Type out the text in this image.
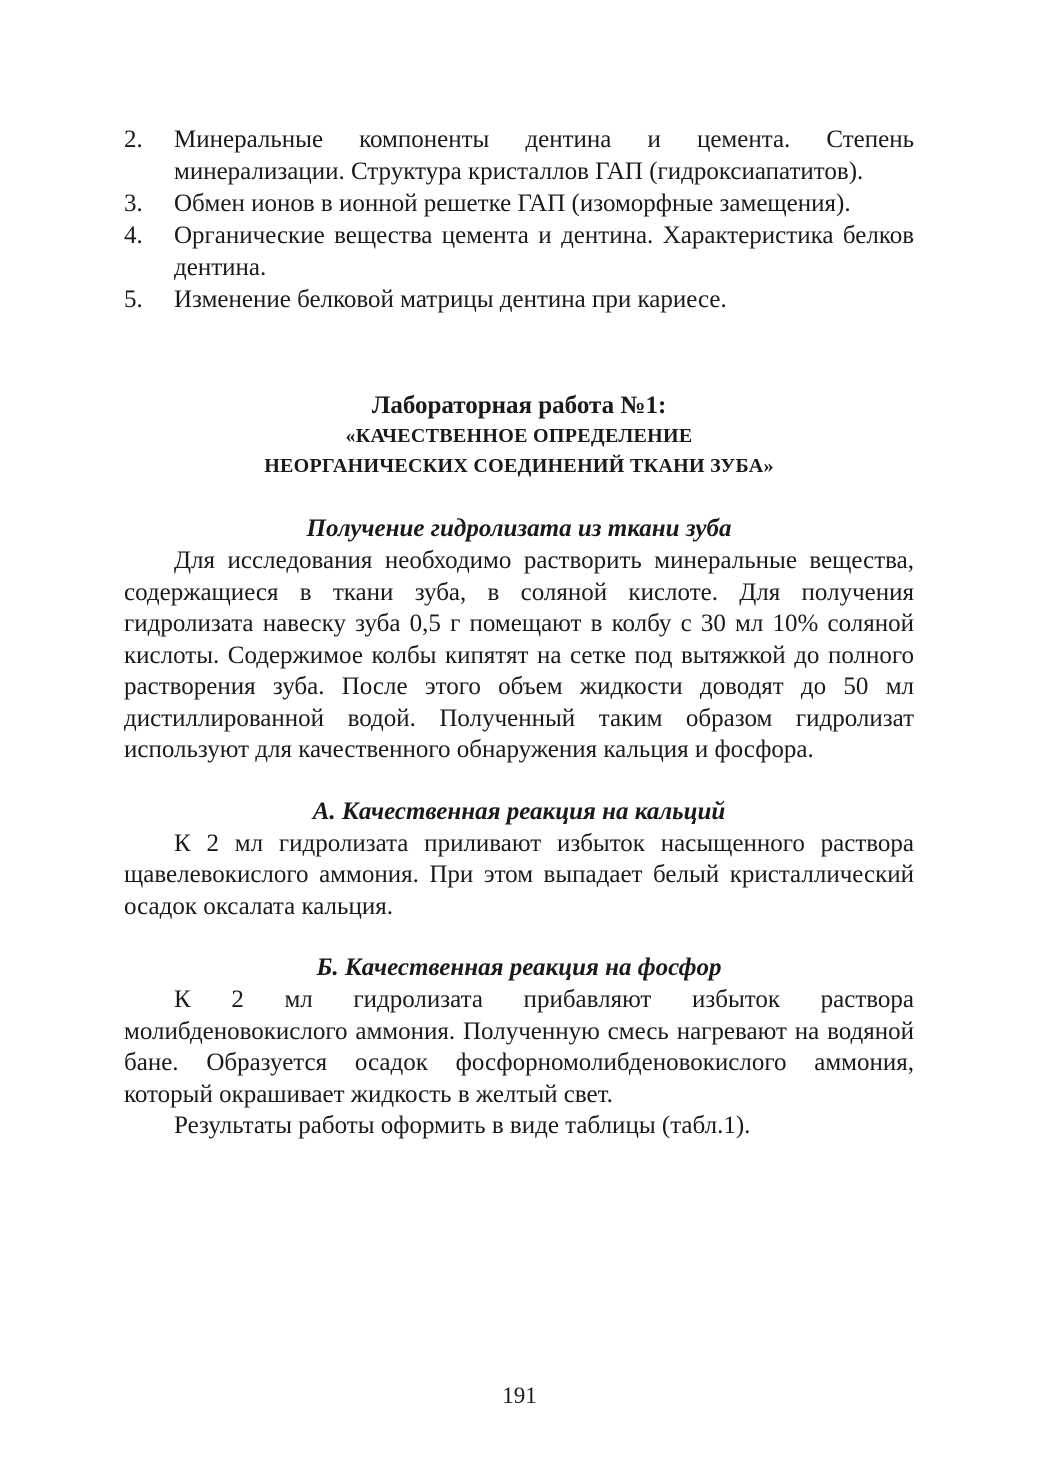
2.	Минеральные компоненты дентина и цемента. Степень минерализации. Структура кристаллов ГАП (гидроксиапатитов).
3.	Обмен ионов в ионной решетке ГАП (изоморфные замещения).
4.	Органические вещества цемента и дентина. Характеристика белков дентина.
5.	Изменение белковой матрицы дентина при кариесе.
Лабораторная работа №1:
«КАЧЕСТВЕННОЕ ОПРЕДЕЛЕНИЕ
НЕОРГАНИЧЕСКИХ СОЕДИНЕНИЙ ТКАНИ ЗУБА»
Получение гидролизата из ткани зуба

Для исследования необходимо растворить минеральные вещества, содержащиеся в ткани зуба, в соляной кислоте. Для получения гидролизата навеску зуба 0,5 г помещают в колбу с 30 мл 10% соляной кислоты. Содержимое колбы кипятят на сетке под вытяжкой до полного растворения зуба. После этого объем жидкости доводят до 50 мл дистиллированной водой. Полученный таким образом гидролизат используют для качественного обнаружения кальция и фосфора.

А. Качественная реакция на кальций

К 2 мл гидролизата приливают избыток насыщенного раствора щавелевокислого аммония. При этом выпадает белый кристаллический осадок оксалата кальция.

Б. Качественная реакция на фосфор

К 2 мл гидролизата прибавляют избыток раствора молибденовокислого аммония. Полученную смесь нагревают на водяной бане. Образуется осадок фосфорномолибденовокислого аммония, который окрашивает жидкость в желтый свет.

Результаты работы оформить в виде таблицы (табл.1).

191
